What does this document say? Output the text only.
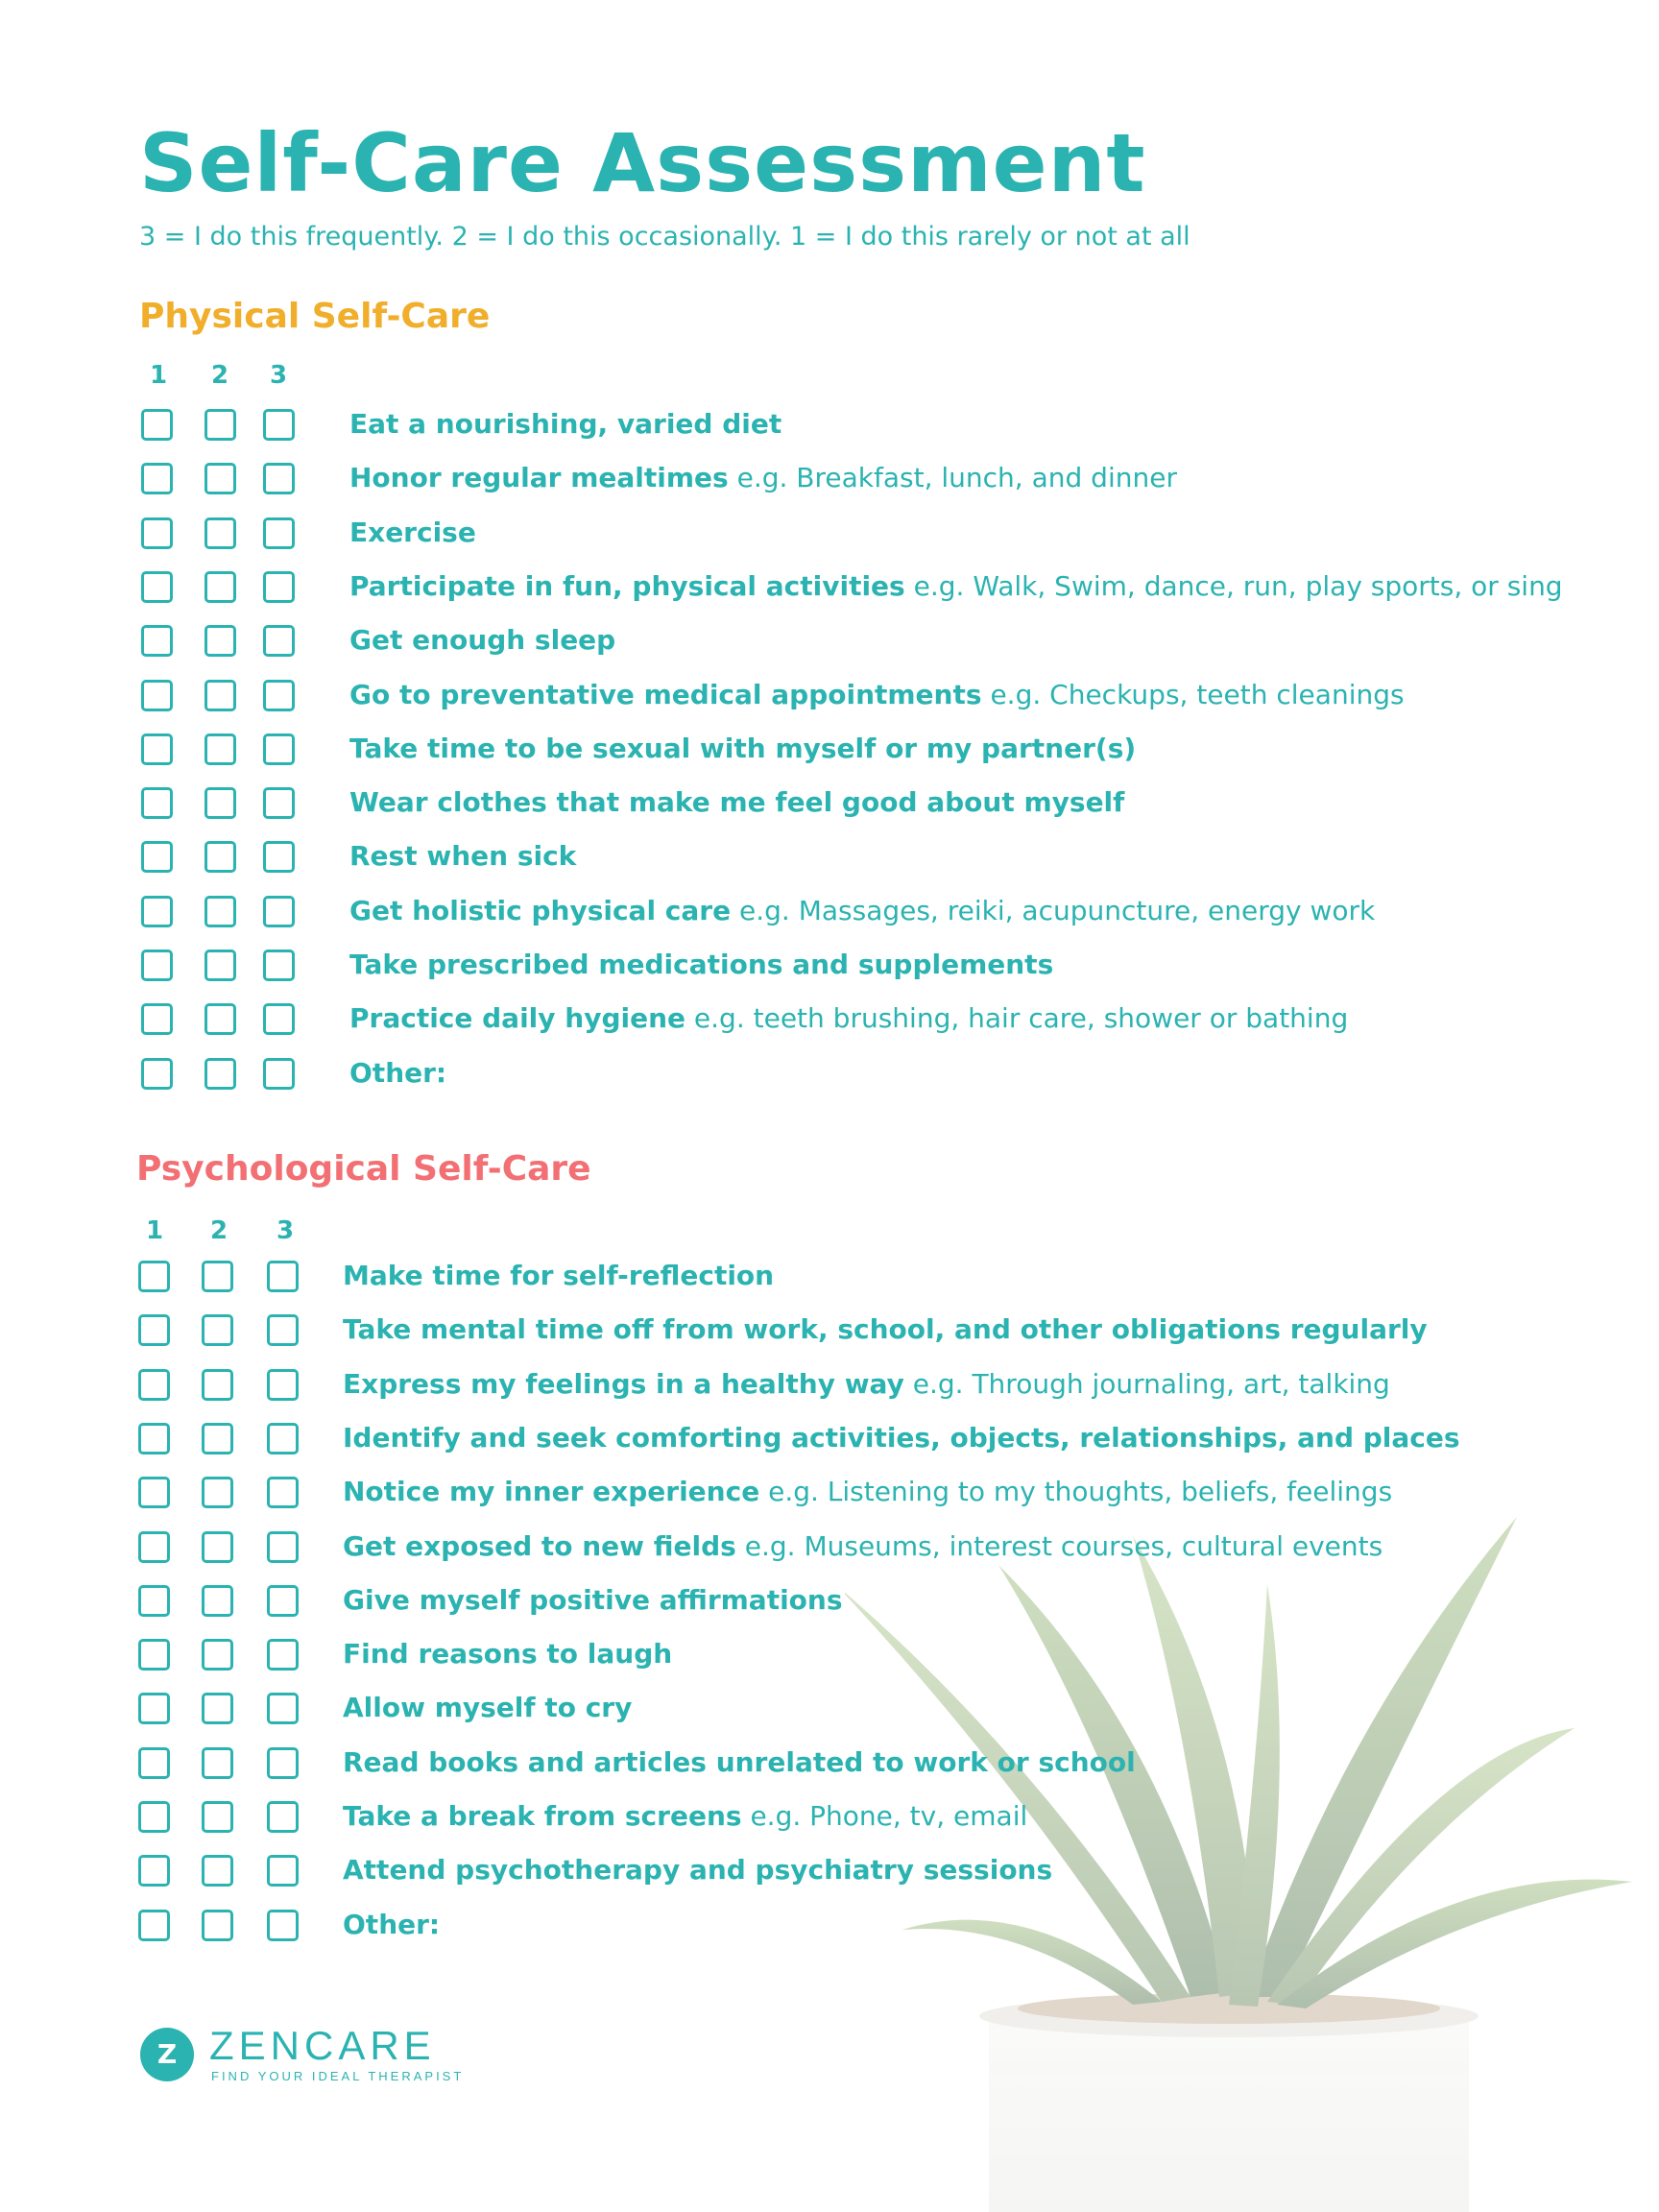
Self-Care Assessment
3 = I do this frequently. 2 = I do this occasionally. 1 = I do this rarely or not at all
Physical Self-Care
1 2 3
Eat a nourishing, varied diet
Honor regular mealtimes e.g. Breakfast, lunch, and dinner
Exercise
Participate in fun, physical activities e.g. Walk, Swim, dance, run, play sports, or sing
Get enough sleep
Go to preventative medical appointments e.g. Checkups, teeth cleanings
Take time to be sexual with myself or my partner(s)
Wear clothes that make me feel good about myself
Rest when sick
Get holistic physical care e.g. Massages, reiki, acupuncture, energy work
Take prescribed medications and supplements
Practice daily hygiene e.g. teeth brushing, hair care, shower or bathing
Other:
Psychological Self-Care
1 2 3
Make time for self-reflection
Take mental time off from work, school, and other obligations regularly
Express my feelings in a healthy way e.g. Through journaling, art, talking
Identify and seek comforting activities, objects, relationships, and places
Notice my inner experience e.g. Listening to my thoughts, beliefs, feelings
Get exposed to new fields e.g. Museums, interest courses, cultural events
Give myself positive affirmations
Find reasons to laugh
Allow myself to cry
Read books and articles unrelated to work or school
Take a break from screens e.g. Phone, tv, email
Attend psychotherapy and psychiatry sessions
Other:
Z ZENCARE
FIND YOUR IDEAL THERAPIST
